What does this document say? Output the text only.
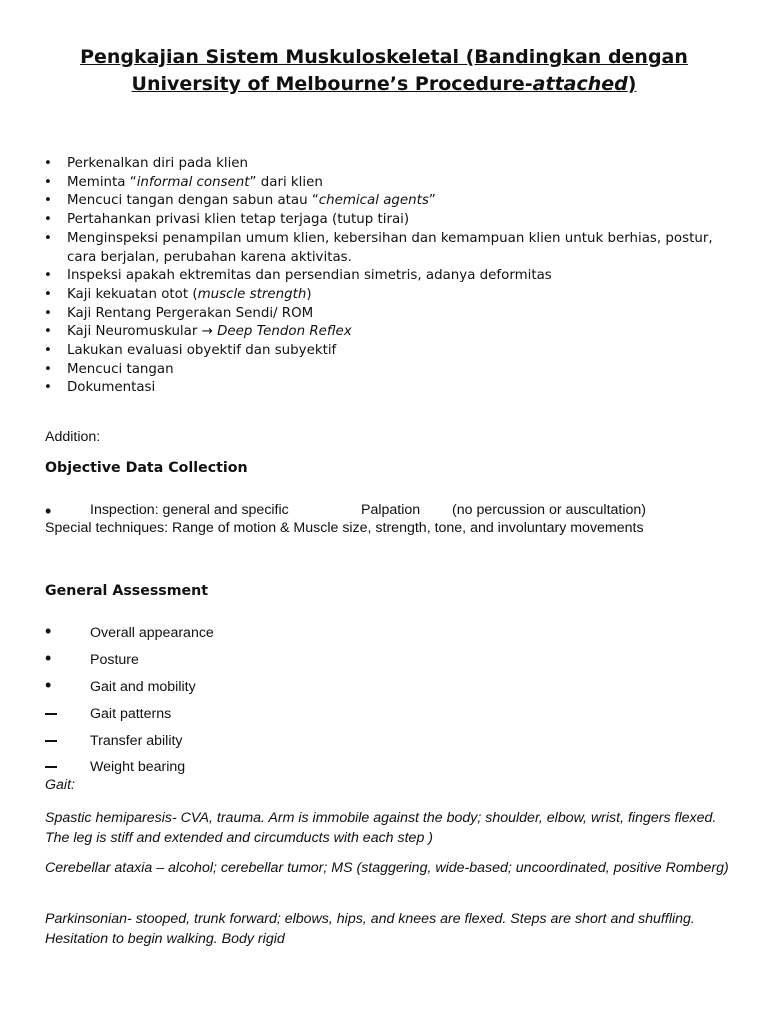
Pengkajian Sistem Muskuloskeletal (Bandingkan dengan
University of Melbourne’s Procedure-attached)
• Perkenalkan diri pada klien
• Meminta “informal consent” dari klien
• Mencuci tangan dengan sabun atau “chemical agents”
• Pertahankan privasi klien tetap terjaga (tutup tirai)
• Menginspeksi penampilan umum klien, kebersihan dan kemampuan klien untuk berhias, postur, cara berjalan, perubahan karena aktivitas.
• Inspeksi apakah ektremitas dan persendian simetris, adanya deformitas
• Kaji kekuatan otot (muscle strength)
• Kaji Rentang Pergerakan Sendi/ ROM
• Kaji Neuromuskular → Deep Tendon Reflex
• Lakukan evaluasi obyektif dan subyektif
• Mencuci tangan
• Dokumentasi

Addition:

Objective Data Collection

•	Inspection: general and specific	Palpation (no percussion or auscultation)

Special techniques: Range of motion & Muscle size, strength, tone, and involuntary movements

General Assessment

•	Overall appearance
•	Posture
•	Gait and mobility
Gait patterns
Transfer ability
Weight bearing

Gait:

Spastic hemiparesis- CVA, trauma. Arm is immobile against the body; shoulder, elbow, wrist, fingers flexed. The leg is stiff and extended and circumducts with each step )

Cerebellar ataxia – alcohol; cerebellar tumor; MS (staggering, wide-based; uncoordinated, positive Romberg)

Parkinsonian- stooped, trunk forward; elbows, hips, and knees are flexed. Steps are short and shuffling. Hesitation to begin walking. Body rigid
